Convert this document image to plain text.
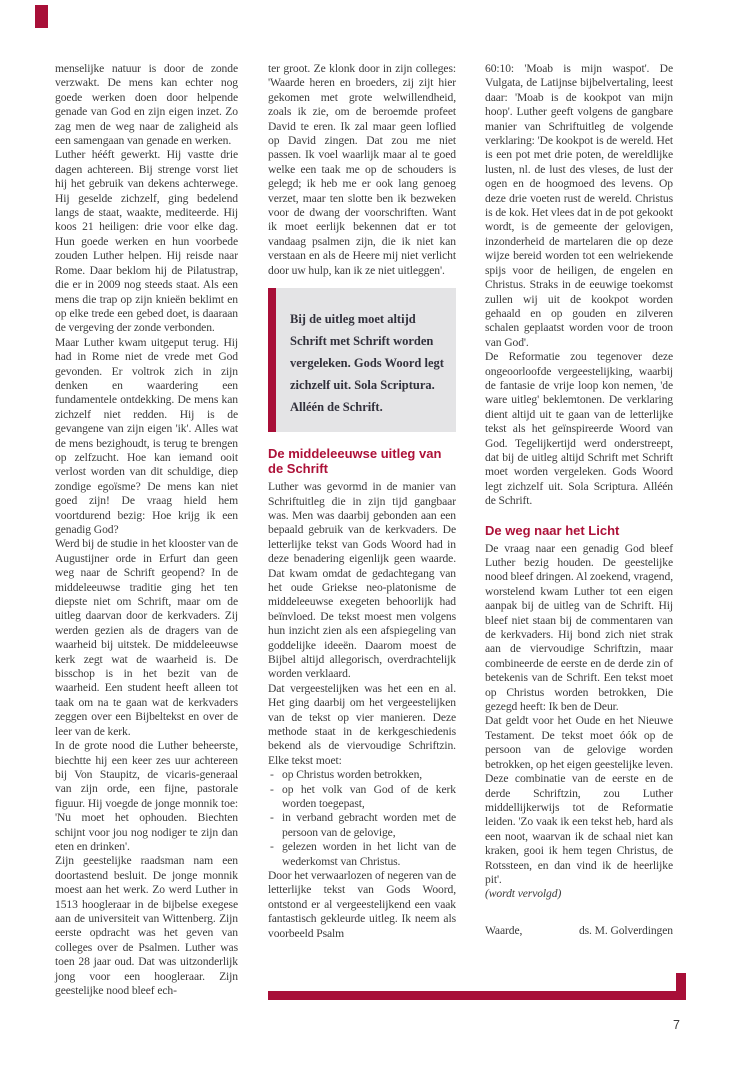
menselijke natuur is door de zonde verzwakt. De mens kan echter nog goede werken doen door helpende genade van God en zijn eigen inzet. Zo zag men de weg naar de zaligheid als een samengaan van genade en werken.

Luther hééft gewerkt. Hij vastte drie dagen achtereen. Bij strenge vorst liet hij het gebruik van dekens achterwege. Hij geselde zichzelf, ging bedelend langs de staat, waakte, mediteerde. Hij koos 21 heiligen: drie voor elke dag. Hun goede werken en hun voorbede zouden Luther helpen. Hij reisde naar Rome. Daar beklom hij de Pilatustrap, die er in 2009 nog steeds staat. Als een mens die trap op zijn knieën beklimt en op elke trede een gebed doet, is daaraan de vergeving der zonde verbonden.

Maar Luther kwam uitgeput terug. Hij had in Rome niet de vrede met God gevonden. Er voltrok zich in zijn denken en waardering een fundamentele ontdekking. De mens kan zichzelf niet redden. Hij is de gevangene van zijn eigen 'ik'. Alles wat de mens bezighoudt, is terug te brengen op zelfzucht. Hoe kan iemand ooit verlost worden van dit schuldige, diep zondige egoïsme? De mens kan niet goed zijn! De vraag hield hem voortdurend bezig: Hoe krijg ik een genadig God?

Werd bij de studie in het klooster van de Augustijner orde in Erfurt dan geen weg naar de Schrift geopend? In de middeleeuwse traditie ging het ten diepste niet om Schrift, maar om de uitleg daarvan door de kerkvaders. Zij werden gezien als de dragers van de waarheid bij uitstek. De middeleeuwse kerk zegt wat de waarheid is. De bisschop is in het bezit van de waarheid. Een student heeft alleen tot taak om na te gaan wat de kerkvaders zeggen over een Bijbeltekst en over de leer van de kerk.

In de grote nood die Luther beheerste, biechtte hij een keer zes uur achtereen bij Von Staupitz, de vicaris-generaal van zijn orde, een fijne, pastorale figuur. Hij voegde de jonge monnik toe: 'Nu moet het ophouden. Biechten schijnt voor jou nog nodiger te zijn dan eten en drinken'.

Zijn geestelijke raadsman nam een doortastend besluit. De jonge monnik moest aan het werk. Zo werd Luther in 1513 hoogleraar in de bijbelse exegese aan de universiteit van Wittenberg. Zijn eerste opdracht was het geven van colleges over de Psalmen. Luther was toen 28 jaar oud. Dat was uitzonderlijk jong voor een hoogleraar. Zijn geestelijke nood bleef ech-

ter groot. Ze klonk door in zijn colleges: 'Waarde heren en broeders, zij zijt hier gekomen met grote welwillendheid, zoals ik zie, om de beroemde profeet David te eren. Ik zal maar geen loflied op David zingen. Dat zou me niet passen. Ik voel waarlijk maar al te goed welke een taak me op de schouders is gelegd; ik heb me er ook lang genoeg verzet, maar ten slotte ben ik bezweken voor de dwang der voorschriften. Want ik moet eerlijk bekennen dat er tot vandaag psalmen zijn, die ik niet kan verstaan en als de Heere mij niet verlicht door uw hulp, kan ik ze niet uitleggen'.

Bij de uitleg moet altijd Schrift met Schrift worden vergeleken. Gods Woord legt zichzelf uit. Sola Scriptura. Alléén de Schrift.
De middeleeuwse uitleg van de Schrift

Luther was gevormd in de manier van Schriftuitleg die in zijn tijd gangbaar was. Men was daarbij gebonden aan een bepaald gebruik van de kerkvaders. De letterlijke tekst van Gods Woord had in deze benadering eigenlijk geen waarde. Dat kwam omdat de gedachtegang van het oude Griekse neo-platonisme de middeleeuwse exegeten behoorlijk had beïnvloed. De tekst moest men volgens hun inzicht zien als een afspiegeling van goddelijke ideeën. Daarom moest de Bijbel altijd allegorisch, overdrachtelijk worden verklaard.

Dat vergeestelijken was het een en al. Het ging daarbij om het vergeestelijken van de tekst op vier manieren. Deze methode staat in de kerkgeschiedenis bekend als de viervoudige Schriftzin. Elke tekst moet:

- op Christus worden betrokken,
- op het volk van God of de kerk worden toegepast,
- in verband gebracht worden met de persoon van de gelovige,
- gelezen worden in het licht van de wederkomst van Christus.

Door het verwaarlozen of negeren van de letterlijke tekst van Gods Woord, ontstond er al vergeestelijkend een vaak fantastisch gekleurde uitleg. Ik neem als voorbeeld Psalm

60:10: 'Moab is mijn waspot'. De Vulgata, de Latijnse bijbelvertaling, leest daar: 'Moab is de kookpot van mijn hoop'. Luther geeft volgens de gangbare manier van Schriftuitleg de volgende verklaring: 'De kookpot is de wereld. Het is een pot met drie poten, de wereldlijke lusten, nl. de lust des vleses, de lust der ogen en de hoogmoed des levens. Op deze drie voeten rust de wereld. Christus is de kok. Het vlees dat in de pot gekookt wordt, is de gemeente der gelovigen, inzonderheid de martelaren die op deze wijze bereid worden tot een welriekende spijs voor de heiligen, de engelen en Christus. Straks in de eeuwige toekomst zullen wij uit de kookpot worden gehaald en op gouden en zilveren schalen geplaatst worden voor de troon van God'.

De Reformatie zou tegenover deze ongeoorloofde vergeestelijking, waarbij de fantasie de vrije loop kon nemen, 'de ware uitleg' beklemtonen. De verklaring dient altijd uit te gaan van de letterlijke tekst als het geïnspireerde Woord van God. Tegelijkertijd werd onderstreept, dat bij de uitleg altijd Schrift met Schrift moet worden vergeleken. Gods Woord legt zichzelf uit. Sola Scriptura. Alléén de Schrift.

De weg naar het Licht

De vraag naar een genadig God bleef Luther bezig houden. De geestelijke nood bleef dringen. Al zoekend, vragend, worstelend kwam Luther tot een eigen aanpak bij de uitleg van de Schrift. Hij bleef niet staan bij de commentaren van de kerkvaders. Hij bond zich niet strak aan de viervoudige Schriftzin, maar combineerde de eerste en de derde zin of betekenis van de Schrift. Een tekst moet op Christus worden betrokken, Die gezegd heeft: Ik ben de Deur.

Dat geldt voor het Oude en het Nieuwe Testament. De tekst moet óók op de persoon van de gelovige worden betrokken, op het eigen geestelijke leven. Deze combinatie van de eerste en de derde Schriftzin, zou Luther middellijkerwijs tot de Reformatie leiden. 'Zo vaak ik een tekst heb, hard als een noot, waarvan ik de schaal niet kan kraken, gooi ik hem tegen Christus, de Rotssteen, en dan vind ik de heerlijke pit'.

(wordt vervolgd)

Waarde,	ds. M. Golverdingen
7
